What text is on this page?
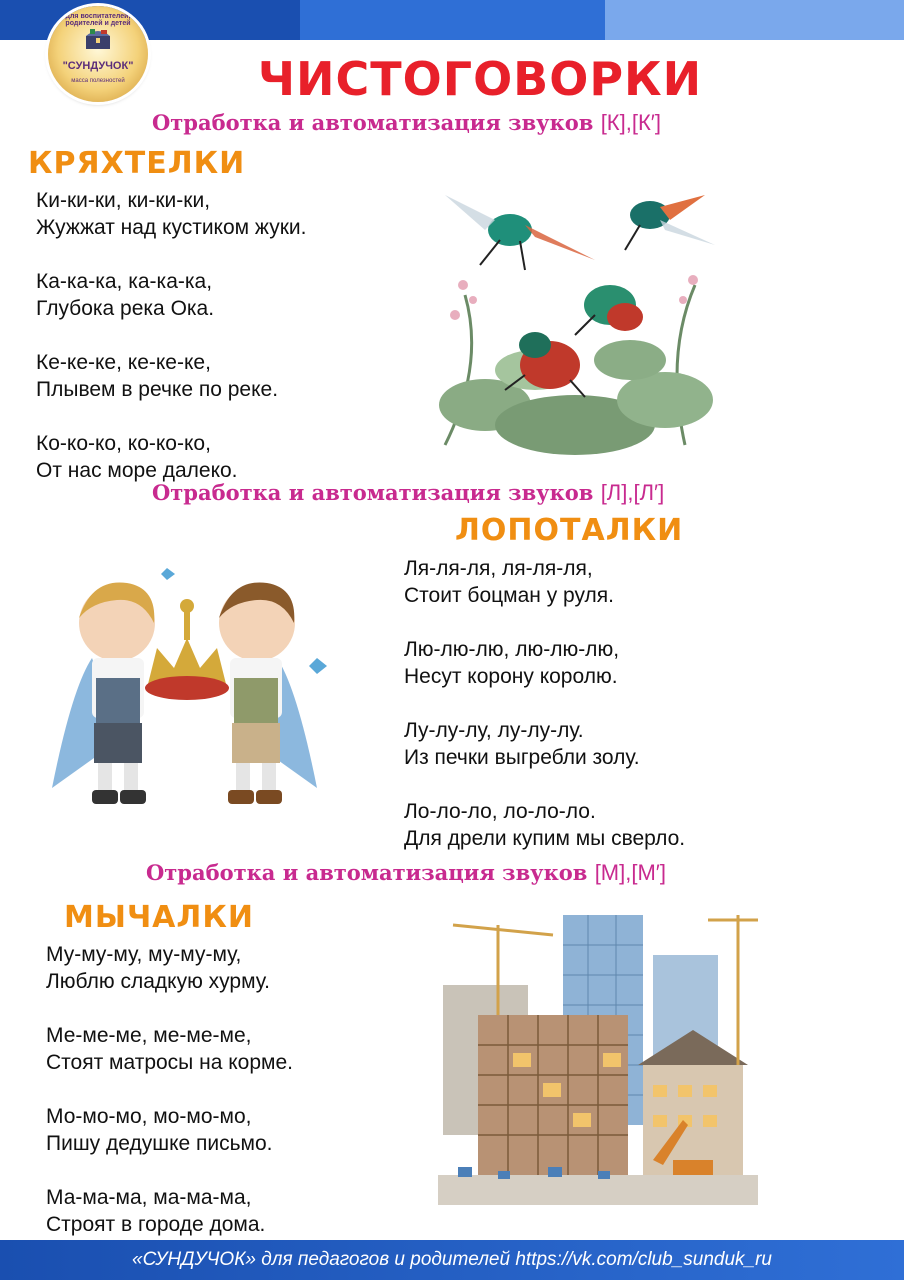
для воспитателей, родителей и детей
"СУНДУЧОК"
масса полезностей	ЧИСТОГОВОРКИ
Отработка и автоматизация звуков [К],[К′]
КРЯХТЕЛКИ
Ки-ки-ки, ки-ки-ки,
Жужжат над кустиком жуки.
Ка-ка-ка, ка-ка-ка,
Глубока река Ока.
Ке-ке-ке, ке-ке-ке,
Плывем в речке по реке.
Ко-ко-ко, ко-ко-ко,
От нас море далеко.
Отработка и автоматизация звуков [Л],[Л′]
ЛОПОТАЛКИ
Ля-ля-ля, ля-ля-ля,
Стоит боцман у руля.
Лю-лю-лю, лю-лю-лю,
Несут корону королю.
Лу-лу-лу, лу-лу-лу.
Из печки выгребли золу.
Ло-ло-ло, ло-ло-ло.
Для дрели купим мы сверло.
Отработка и автоматизация звуков [М],[М′]
МЫЧАЛКИ
Му-му-му, му-му-му,
Люблю сладкую хурму.
Ме-ме-ме, ме-ме-ме,
Стоят матросы на корме.
Мо-мо-мо, мо-мо-мо,
Пишу дедушке письмо.
Ма-ма-ма, ма-ма-ма,
Строят в городе дома.
«СУНДУЧОК» для педагогов и родителей https://vk.com/club_sunduk_ru
